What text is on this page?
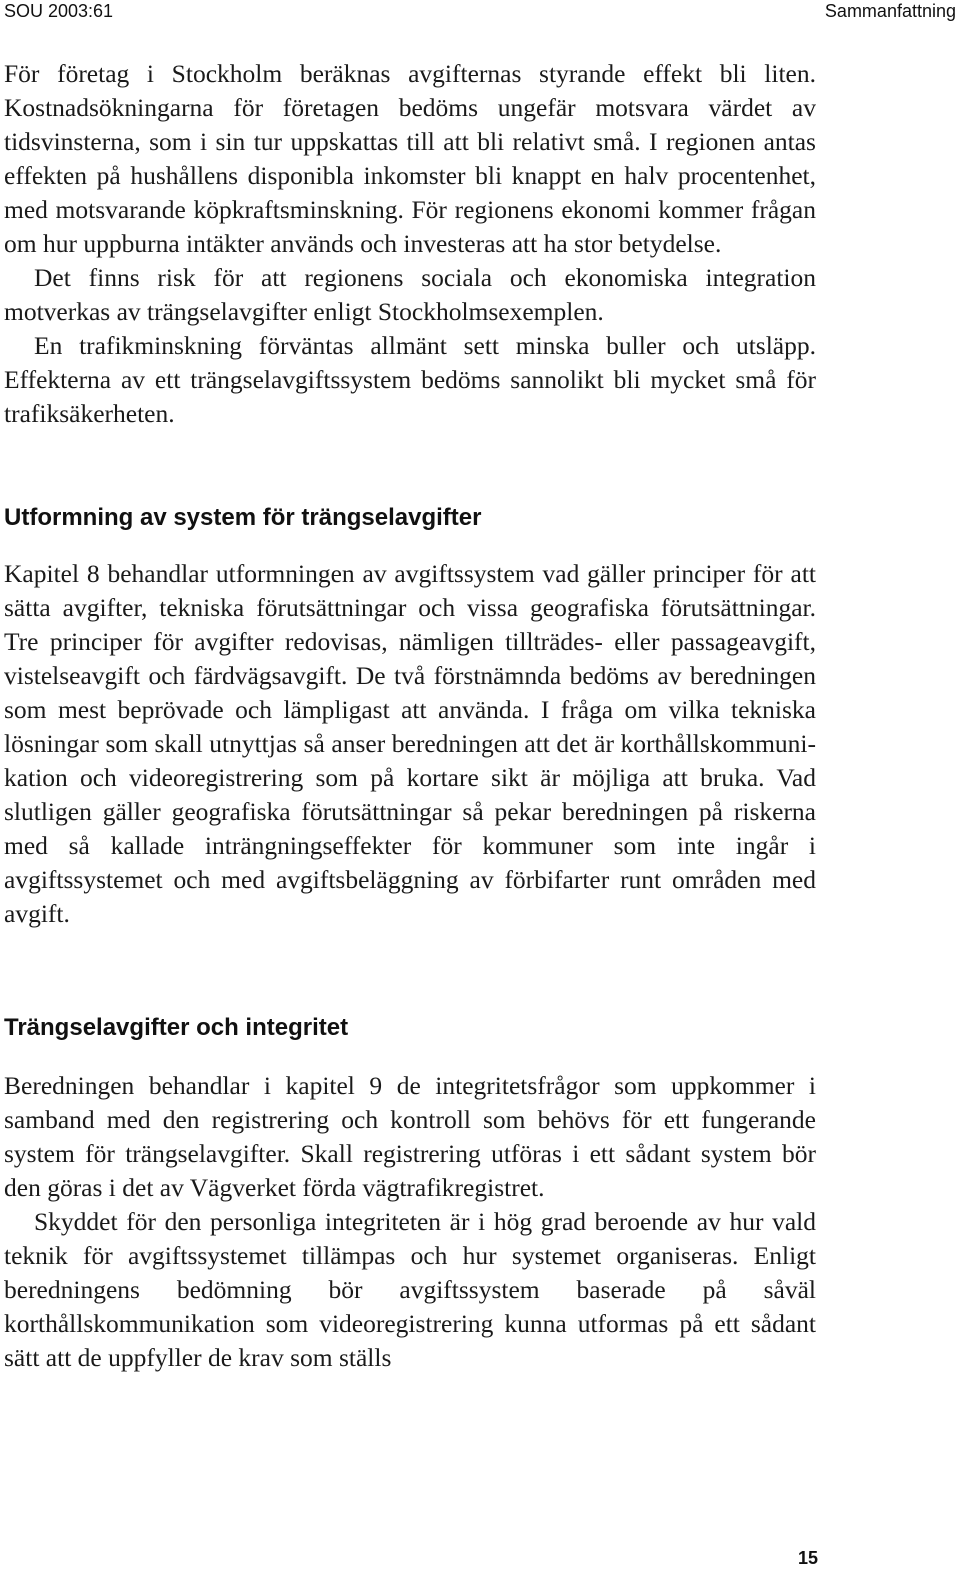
SOU 2003:61	Sammanfattning

För företag i Stockholm beräknas avgifternas styrande effekt bli liten. Kostnadsökningarna för företagen bedöms ungefär motsvara värdet av tidsvinsterna, som i sin tur uppskattas till att bli relativt små. I regionen antas effekten på hushållens disponibla inkomster bli knappt en halv procentenhet, med motsvarande köpkraftsminskning. För regionens ekonomi kommer frågan om hur uppburna intäkter används och investeras att ha stor betydelse.

Det finns risk för att regionens sociala och ekonomiska integration motverkas av trängselavgifter enligt Stockholmsexemplen.

En trafikminskning förväntas allmänt sett minska buller och utsläpp. Effekterna av ett trängselavgiftssystem bedöms sannolikt bli mycket små för trafiksäkerheten.

Utformning av system för trängselavgifter

Kapitel 8 behandlar utformningen av avgiftssystem vad gäller principer för att sätta avgifter, tekniska förutsättningar och vissa geografiska förutsättningar. Tre principer för avgifter redovisas, nämligen tillträdes- eller passageavgift, vistelseavgift och färdvägsavgift. De två förstnämnda bedöms av beredningen som mest beprövade och lämpligast att använda. I fråga om vilka tekniska lösningar som skall utnyttjas så anser beredningen att det är korthållskommunikation och videoregistrering som på kortare sikt är möjliga att bruka. Vad slutligen gäller geografiska förutsättningar så pekar beredningen på riskerna med så kallade inträngningseffekter för kommuner som inte ingår i avgiftssystemet och med avgiftsbeläggning av förbifarter runt områden med avgift.

Trängselavgifter och integritet

Beredningen behandlar i kapitel 9 de integritetsfrågor som uppkommer i samband med den registrering och kontroll som behövs för ett fungerande system för trängselavgifter. Skall registrering utföras i ett sådant system bör den göras i det av Vägverket förda vägtrafikregistret.

Skyddet för den personliga integriteten är i hög grad beroende av hur vald teknik för avgiftssystemet tillämpas och hur systemet organiseras. Enligt beredningens bedömning bör avgiftssystem baserade på såväl korthållskommunikation som videoregistrering kunna utformas på ett sådant sätt att de uppfyller de krav som ställs

15
